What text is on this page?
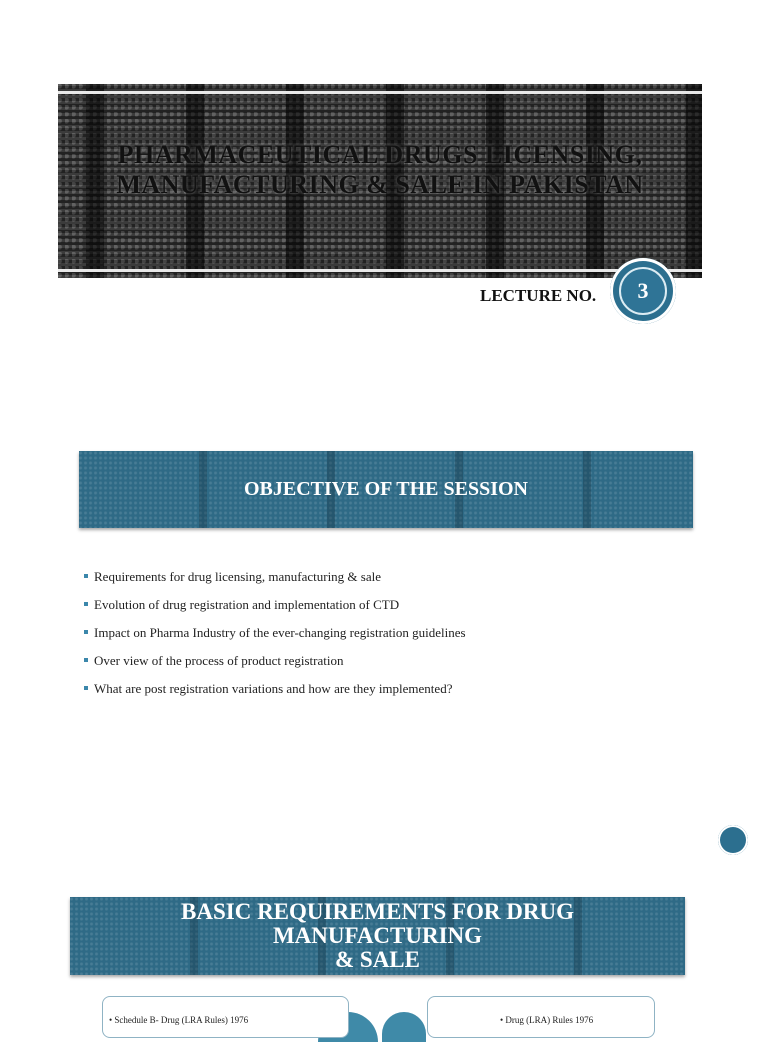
PHARMACEUTICAL DRUGS LICENSING,
MANUFACTURING & SALE IN PAKISTAN
LECTURE NO.	3
OBJECTIVE OF THE SESSION
Requirements for drug licensing, manufacturing & sale
Evolution of drug registration and implementation of CTD
Impact on Pharma Industry of the ever-changing registration guidelines
Over view of the process of product registration
What are post registration variations and how are they implemented?
BASIC REQUIREMENTS FOR DRUG MANUFACTURING
& SALE
• Schedule B- Drug (LRA Rules) 1976	• Drug (LRA) Rules 1976
